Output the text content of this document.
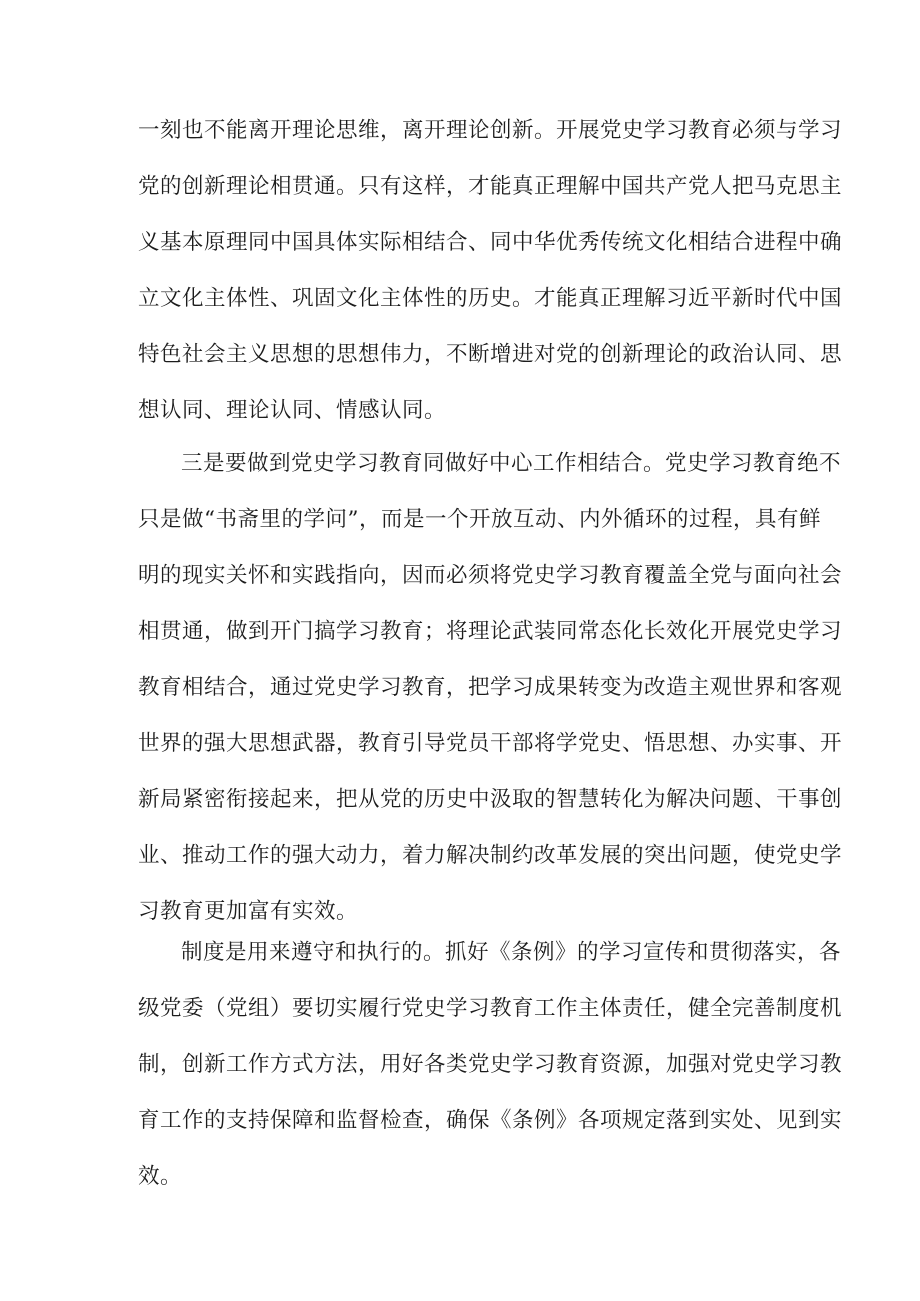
一刻也不能离开理论思维，离开理论创新。开展党史学习教育必须与学习
党的创新理论相贯通。只有这样，才能真正理解中国共产党人把马克思主
义基本原理同中国具体实际相结合、同中华优秀传统文化相结合进程中确
立文化主体性、巩固文化主体性的历史。才能真正理解习近平新时代中国
特色社会主义思想的思想伟力，不断增进对党的创新理论的政治认同、思
想认同、理论认同、情感认同。
三是要做到党史学习教育同做好中心工作相结合。党史学习教育绝不
只是做“书斋里的学问”，而是一个开放互动、内外循环的过程，具有鲜
明的现实关怀和实践指向，因而必须将党史学习教育覆盖全党与面向社会
相贯通，做到开门搞学习教育；将理论武装同常态化长效化开展党史学习
教育相结合，通过党史学习教育，把学习成果转变为改造主观世界和客观
世界的强大思想武器，教育引导党员干部将学党史、悟思想、办实事、开
新局紧密衔接起来，把从党的历史中汲取的智慧转化为解决问题、干事创
业、推动工作的强大动力，着力解决制约改革发展的突出问题，使党史学
习教育更加富有实效。
制度是用来遵守和执行的。抓好《条例》的学习宣传和贯彻落实，各
级党委（党组）要切实履行党史学习教育工作主体责任，健全完善制度机
制，创新工作方式方法，用好各类党史学习教育资源，加强对党史学习教
育工作的支持保障和监督检查，确保《条例》各项规定落到实处、见到实
效。
